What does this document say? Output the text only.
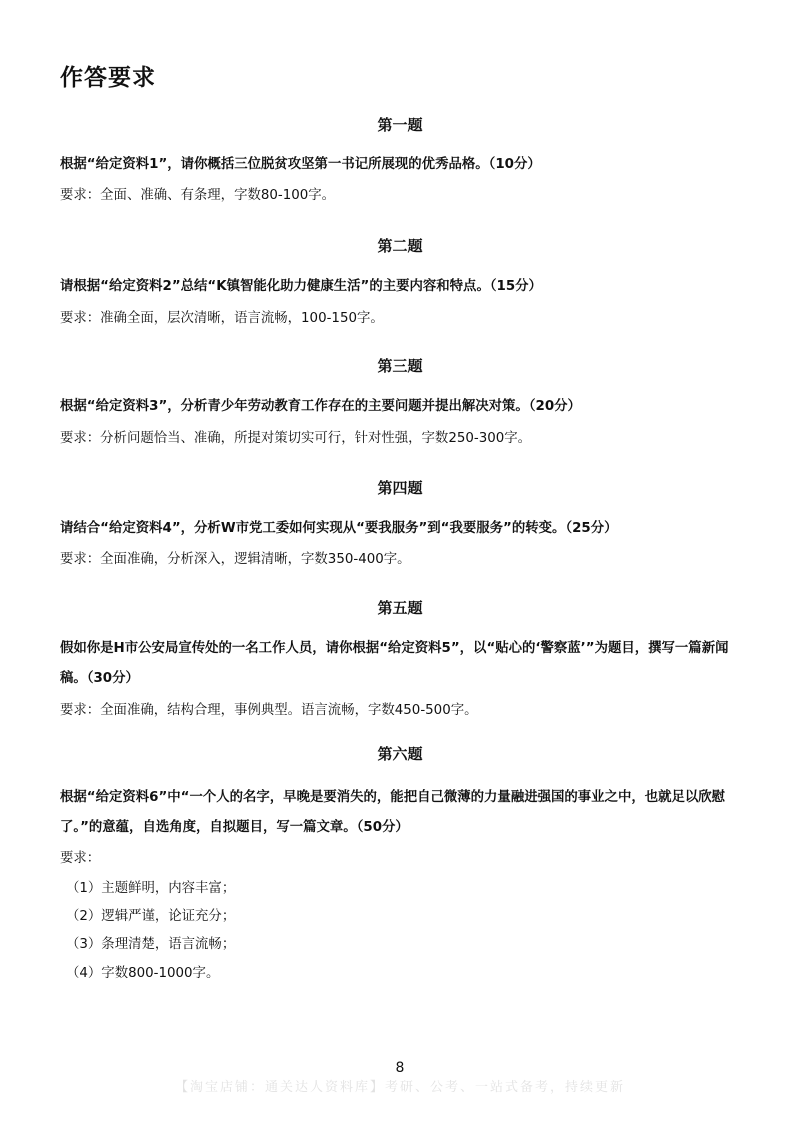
作答要求
第一题
根据“给定资料1”，请你概括三位脱贫攻坚第一书记所展现的优秀品格。（10分）
要求：全面、准确、有条理，字数80-100字。
第二题
请根据“给定资料2”总结“K镇智能化助力健康生活”的主要内容和特点。（15分）
要求：准确全面，层次清晰，语言流畅，100-150字。
第三题
根据“给定资料3”，分析青少年劳动教育工作存在的主要问题并提出解决对策。（20分）
要求：分析问题恰当、准确，所提对策切实可行，针对性强，字数250-300字。
第四题
请结合“给定资料4”，分析W市党工委如何实现从“要我服务”到“我要服务”的转变。（25分）
要求：全面准确，分析深入，逻辑清晰，字数350-400字。
第五题
假如你是H市公安局宣传处的一名工作人员，请你根据“给定资料5”，以“贴心的‘警察蓝’”为题目，撰写一篇新闻稿。（30分）
要求：全面准确，结构合理，事例典型。语言流畅，字数450-500字。
第六题
根据“给定资料6”中“一个人的名字，早晚是要消失的，能把自己微薄的力量融进强国的事业之中，也就足以欣慰了。”的意蕴，自选角度，自拟题目，写一篇文章。（50分）
要求：
（1）主题鲜明，内容丰富；
（2）逻辑严谨，论证充分；
（3）条理清楚，语言流畅；
（4）字数800-1000字。
8
【淘宝店铺：通关达人资料库】考研、公考、一站式备考，持续更新
